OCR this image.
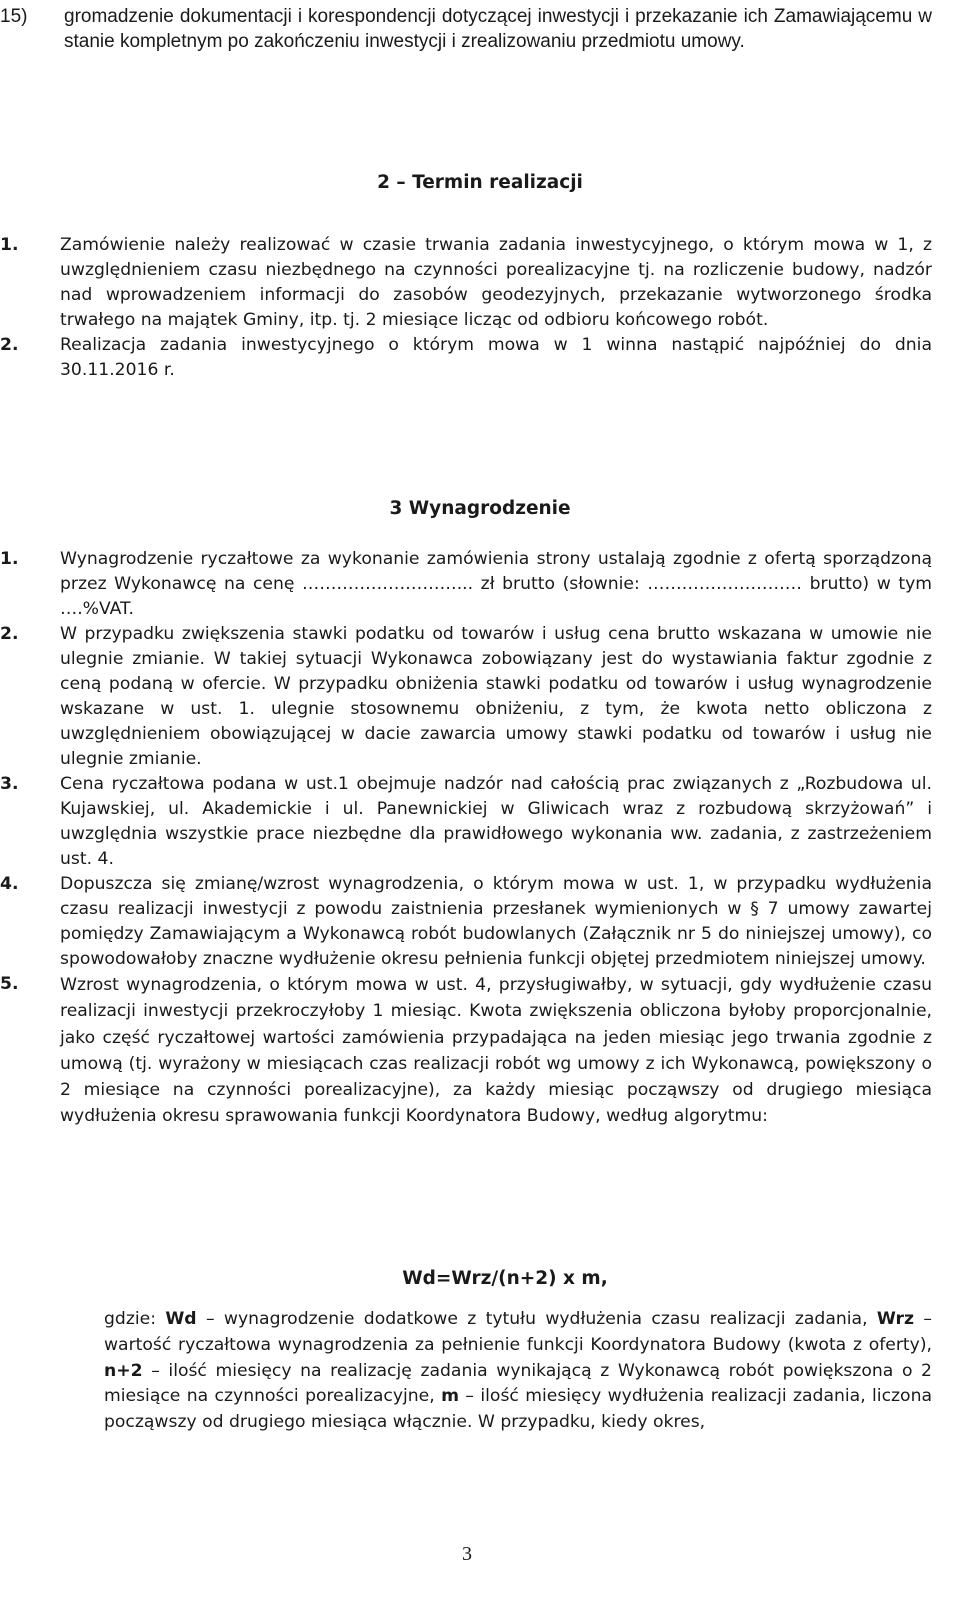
15) gromadzenie dokumentacji i korespondencji dotyczącej inwestycji i przekazanie ich Zamawiającemu w stanie kompletnym po zakończeniu inwestycji i zrealizowaniu przedmiotu umowy.
2 – Termin realizacji
1. Zamówienie należy realizować w czasie trwania zadania inwestycyjnego, o którym mowa w 1, z uwzględnieniem czasu niezbędnego na czynności porealizacyjne tj. na rozliczenie budowy, nadzór nad wprowadzeniem informacji do zasobów geodezyjnych, przekazanie wytworzonego środka trwałego na majątek Gminy, itp. tj. 2 miesiące licząc od odbioru końcowego robót.
2. Realizacja zadania inwestycyjnego o którym mowa w 1 winna nastąpić najpóźniej do dnia 30.11.2016 r.
3 Wynagrodzenie
1. Wynagrodzenie ryczałtowe za wykonanie zamówienia strony ustalają zgodnie z ofertą sporządzoną przez Wykonawcę na cenę ………………………... zł brutto (słownie: ……………………… brutto) w tym ….%VAT.
2. W przypadku zwiększenia stawki podatku od towarów i usług cena brutto wskazana w umowie nie ulegnie zmianie. W takiej sytuacji Wykonawca zobowiązany jest do wystawiania faktur zgodnie z ceną podaną w ofercie. W przypadku obniżenia stawki podatku od towarów i usług wynagrodzenie wskazane w ust. 1. ulegnie stosownemu obniżeniu, z tym, że kwota netto obliczona z uwzględnieniem obowiązującej w dacie zawarcia umowy stawki podatku od towarów i usług nie ulegnie zmianie.
3. Cena ryczałtowa podana w ust.1 obejmuje nadzór nad całością prac związanych z „Rozbudowa ul. Kujawskiej, ul. Akademickie i ul. Panewnickiej w Gliwicach wraz z rozbudową skrzyżowań” i uwzględnia wszystkie prace niezbędne dla prawidłowego wykonania ww. zadania, z zastrzeżeniem ust. 4.
4. Dopuszcza się zmianę/wzrost wynagrodzenia, o którym mowa w ust. 1, w przypadku wydłużenia czasu realizacji inwestycji z powodu zaistnienia przesłanek wymienionych w § 7 umowy zawartej pomiędzy Zamawiającym a Wykonawcą robót budowlanych (Załącznik nr 5 do niniejszej umowy), co spowodowałoby znaczne wydłużenie okresu pełnienia funkcji objętej przedmiotem niniejszej umowy.
5. Wzrost wynagrodzenia, o którym mowa w ust. 4, przysługiwałby, w sytuacji, gdy wydłużenie czasu realizacji inwestycji przekroczyłoby 1 miesiąc. Kwota zwiększenia obliczona byłoby proporcjonalnie, jako część ryczałtowej wartości zamówienia przypadająca na jeden miesiąc jego trwania zgodnie z umową (tj. wyrażony w miesiącach czas realizacji robót wg umowy z ich Wykonawcą, powiększony o 2 miesiące na czynności porealizacyjne), za każdy miesiąc począwszy od drugiego miesiąca wydłużenia okresu sprawowania funkcji Koordynatora Budowy, według algorytmu:
Wd=Wrz/(n+2) x m,
gdzie: Wd – wynagrodzenie dodatkowe z tytułu wydłużenia czasu realizacji zadania, Wrz – wartość ryczałtowa wynagrodzenia za pełnienie funkcji Koordynatora Budowy (kwota z oferty), n+2 – ilość miesięcy na realizację zadania wynikającą z Wykonawcą robót powiększona o 2 miesiące na czynności porealizacyjne, m – ilość miesięcy wydłużenia realizacji zadania, liczona począwszy od drugiego miesiąca włącznie. W przypadku, kiedy okres,
3
